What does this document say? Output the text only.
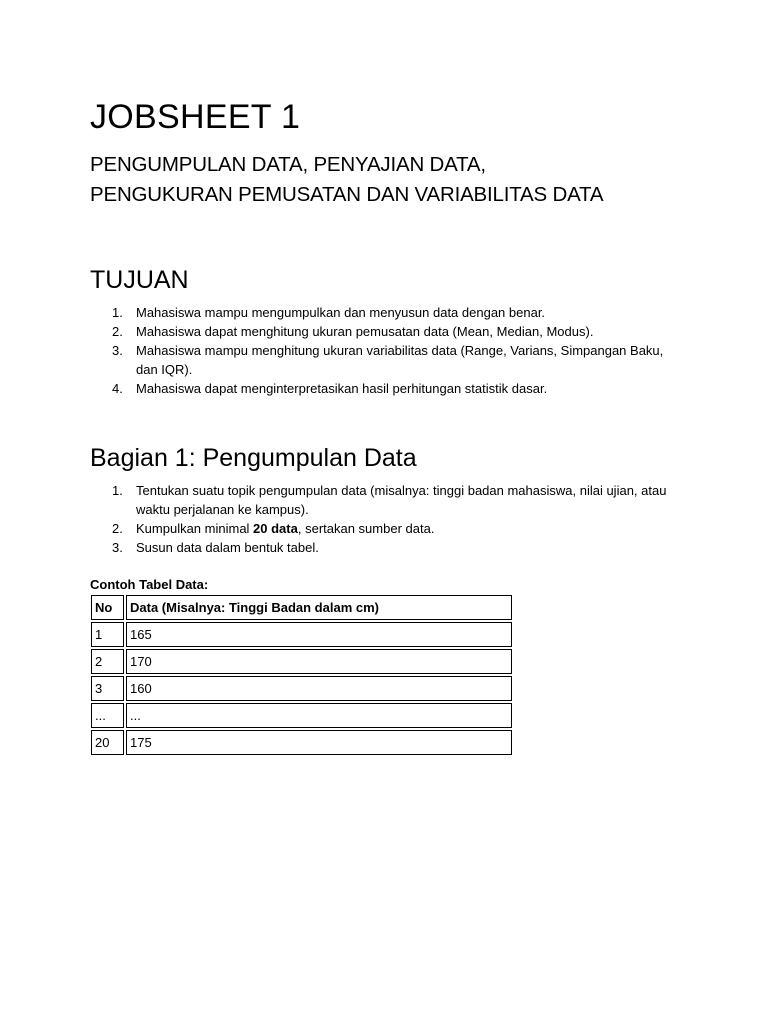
JOBSHEET 1
PENGUMPULAN DATA, PENYAJIAN DATA,
PENGUKURAN PEMUSATAN DAN VARIABILITAS DATA
TUJUAN
1. Mahasiswa mampu mengumpulkan dan menyusun data dengan benar.
2. Mahasiswa dapat menghitung ukuran pemusatan data (Mean, Median, Modus).
3. Mahasiswa mampu menghitung ukuran variabilitas data (Range, Varians, Simpangan Baku, dan IQR).
4. Mahasiswa dapat menginterpretasikan hasil perhitungan statistik dasar.
Bagian 1: Pengumpulan Data
1. Tentukan suatu topik pengumpulan data (misalnya: tinggi badan mahasiswa, nilai ujian, atau waktu perjalanan ke kampus).
2. Kumpulkan minimal 20 data, sertakan sumber data.
3. Susun data dalam bentuk tabel.
Contoh Tabel Data:
No	Data (Misalnya: Tinggi Badan dalam cm)
1	165
2	170
3	160
...	...
20	175
